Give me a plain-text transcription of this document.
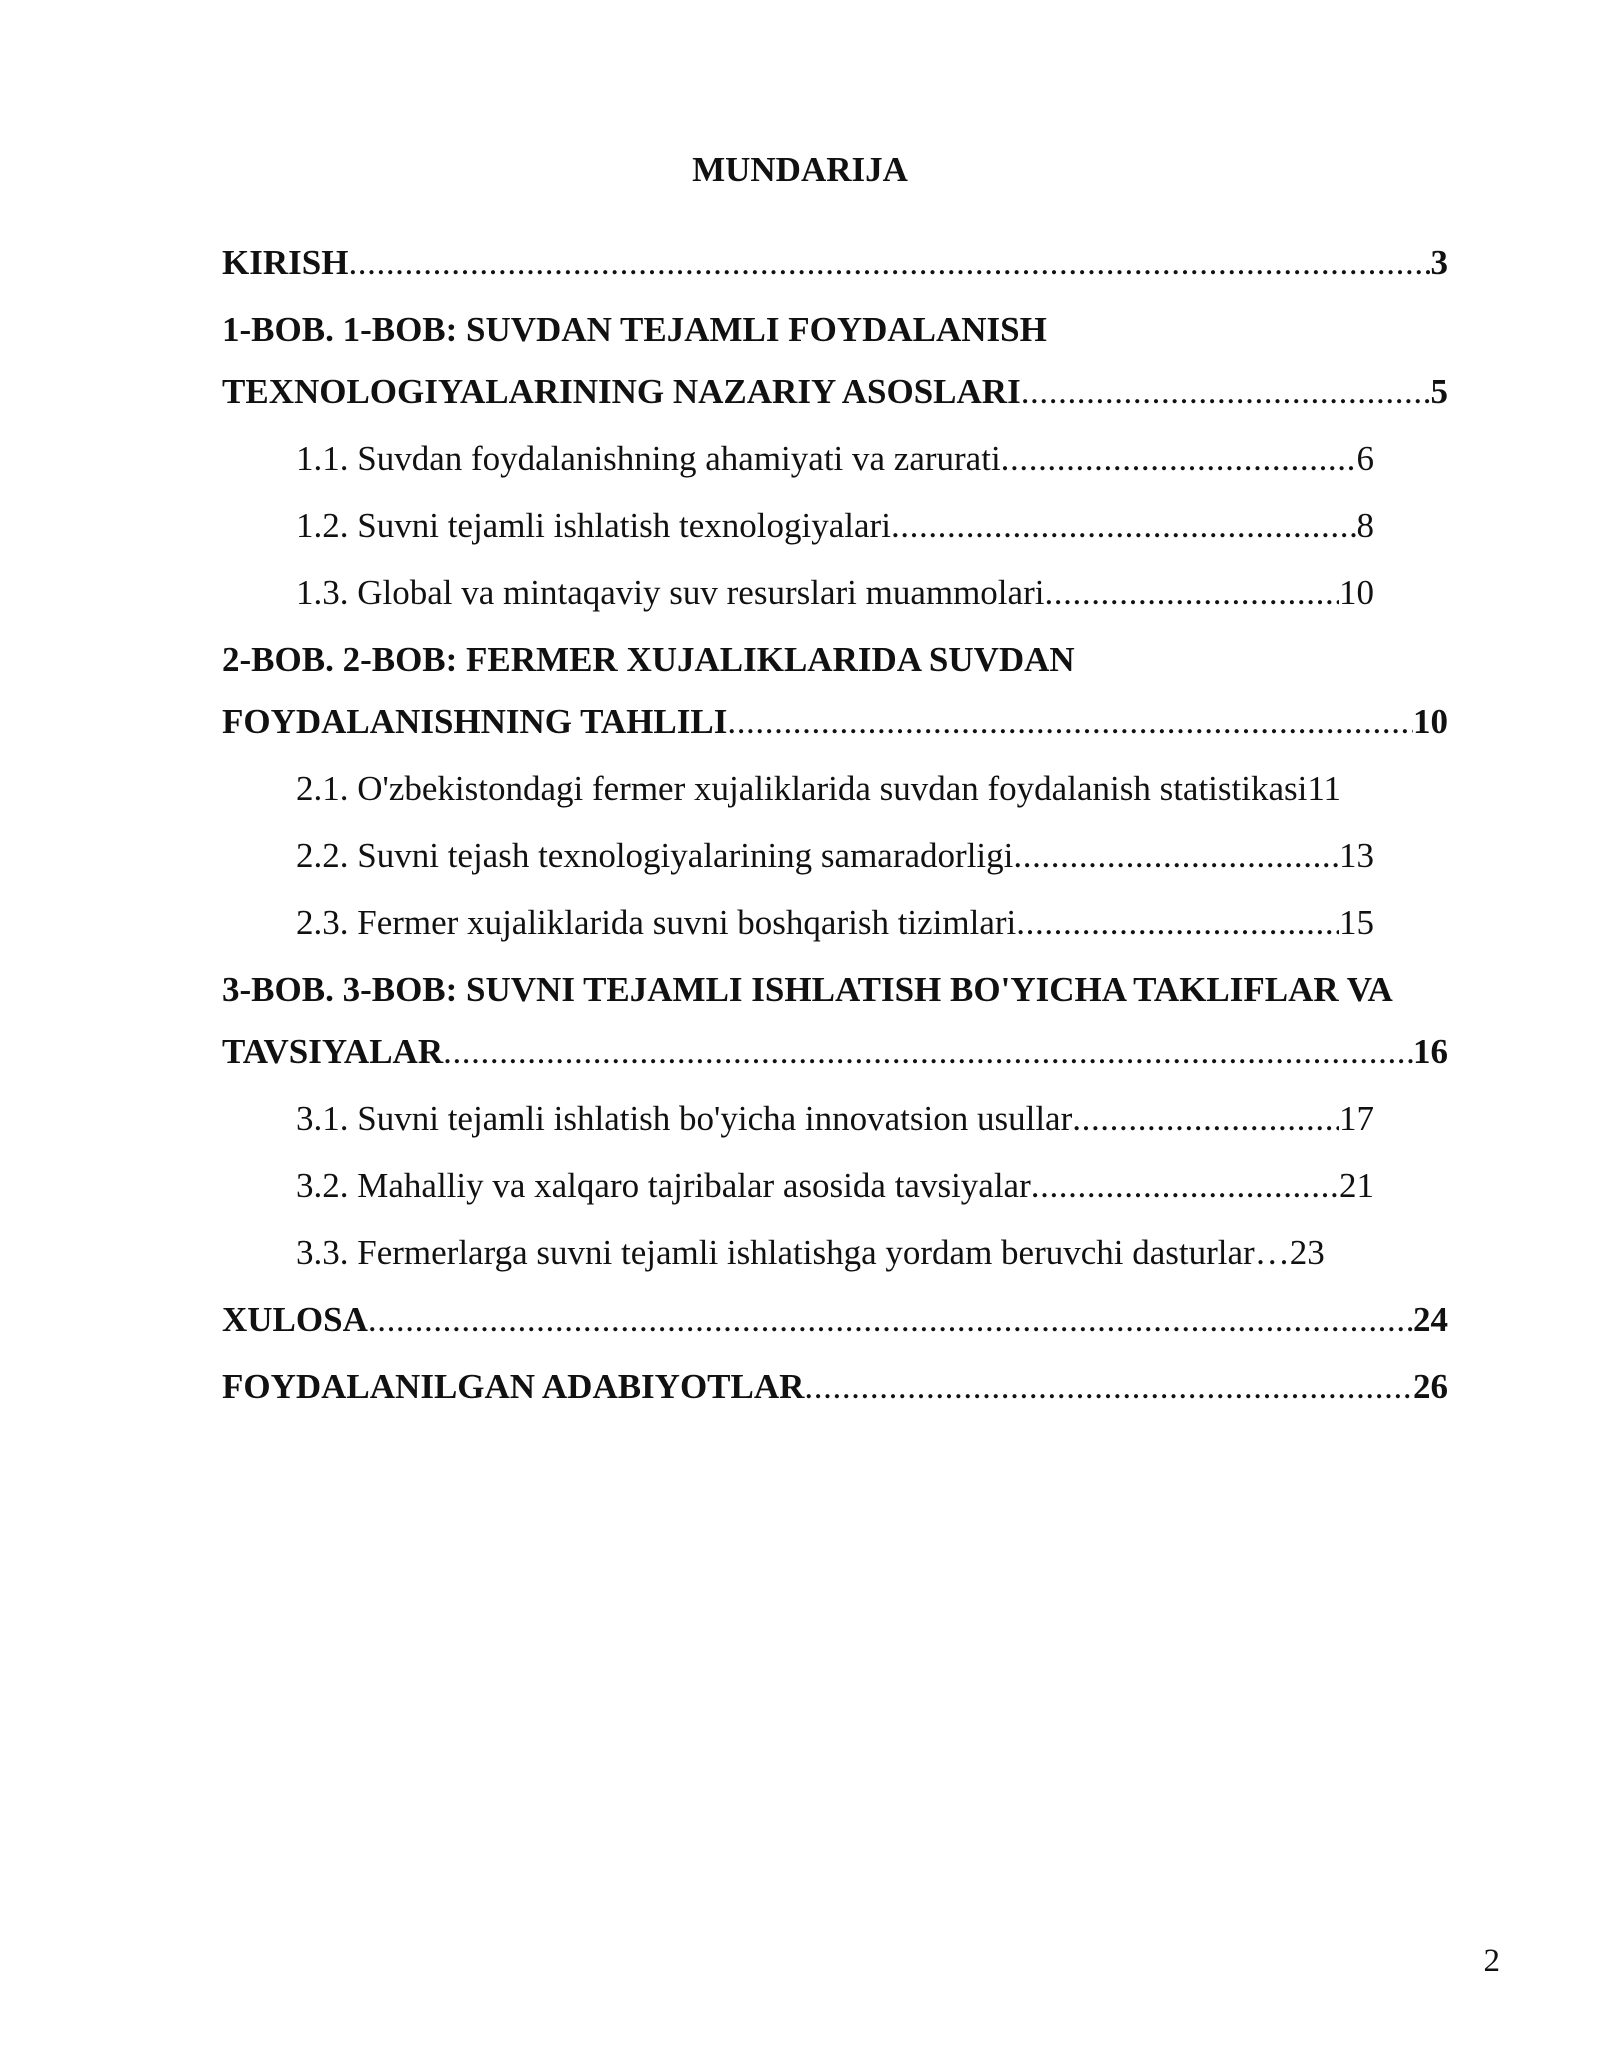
MUNDARIJA
KIRISH .....	3
1-BOB. 1-BOB: SUVDAN TEJAMLI FOYDALANISH
TEXNOLOGIYALARINING NAZARIY ASOSLARI .....	5
1.1. Suvdan foydalanishning ahamiyati va zarurati .....	6
1.2. Suvni tejamli ishlatish texnologiyalari .....	8
1.3. Global va mintaqaviy suv resurslari muammolari .....	10
2-BOB. 2-BOB: FERMER XUJALIKLARIDA SUVDAN
FOYDALANISHNING TAHLILI .....	10
2.1. O'zbekistondagi fermer xujaliklarida suvdan foydalanish statistikasi 11
2.2. Suvni tejash texnologiyalarining samaradorligi .....	13
2.3. Fermer xujaliklarida suvni boshqarish tizimlari .....	15
3-BOB. 3-BOB: SUVNI TEJAMLI ISHLATISH BO'YICHA TAKLIFLAR VA
TAVSIYALAR .....	16
3.1. Suvni tejamli ishlatish bo'yicha innovatsion usullar .....	17
3.2. Mahalliy va xalqaro tajribalar asosida tavsiyalar .....	21
3.3. Fermerlarga suvni tejamli ishlatishga yordam beruvchi dasturlar … 23
XULOSA .....	24
FOYDALANILGAN ADABIYOTLAR .....	26
2
